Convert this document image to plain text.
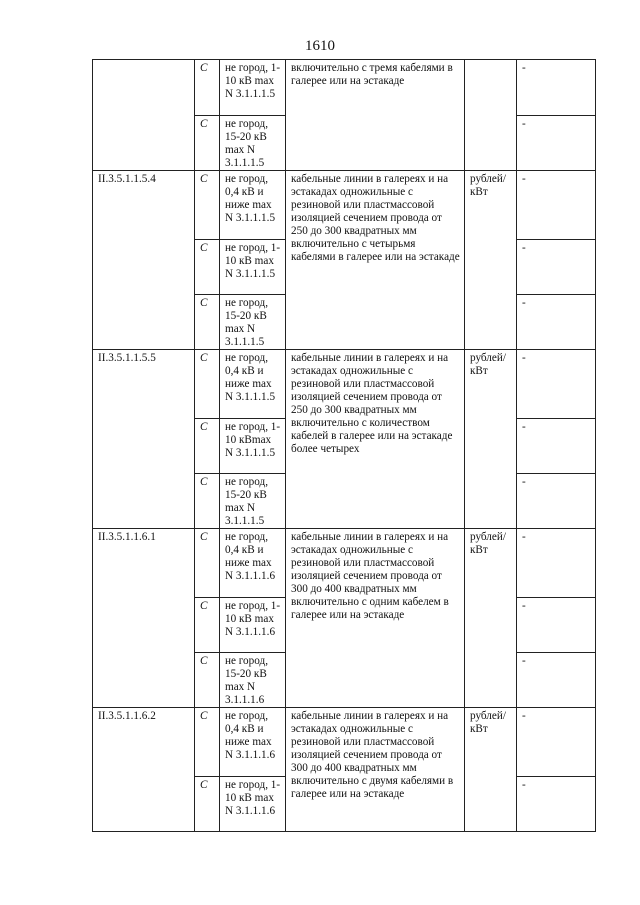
1610
	С	не город, 1-10 кВ max N 3.1.1.1.5	включительно с тремя кабелями в галерее или на эстакаде		-
	С	не город, 15-20 кВ max N 3.1.1.1.5			-
II.3.5.1.1.5.4	С	не город, 0,4 кВ и ниже max N 3.1.1.1.5	кабельные линии в галереях и на эстакадах одножильные с резиновой или пластмассовой изоляцией сечением провода от 250 до 300 квадратных мм включительно с четырьмя кабелями в галерее или на эстакаде	рублей/ кВт	-
	С	не город, 1-10 кВ max N 3.1.1.1.5			-
	С	не город, 15-20 кВ max N 3.1.1.1.5			-
II.3.5.1.1.5.5	С	не город, 0,4 кВ и ниже max N 3.1.1.1.5	кабельные линии в галереях и на эстакадах одножильные с резиновой или пластмассовой изоляцией сечением провода от 250 до 300 квадратных мм включительно с количеством кабелей в галерее или на эстакаде более четырех	рублей/ кВт	-
	С	не город, 1-10 кВmax N 3.1.1.1.5			-
	С	не город, 15-20 кВ max N 3.1.1.1.5			-
II.3.5.1.1.6.1	С	не город, 0,4 кВ и ниже max N 3.1.1.1.6	кабельные линии в галереях и на эстакадах одножильные с резиновой или пластмассовой изоляцией сечением провода от 300 до 400 квадратных мм включительно с одним кабелем в галерее или на эстакаде	рублей/ кВт	-
	С	не город, 1-10 кВ max N 3.1.1.1.6			-
	С	не город, 15-20 кВ max N 3.1.1.1.6			-
II.3.5.1.1.6.2	С	не город, 0,4 кВ и ниже max N 3.1.1.1.6	кабельные линии в галереях и на эстакадах одножильные с резиновой или пластмассовой изоляцией сечением провода от 300 до 400 квадратных мм включительно с двумя кабелями в галерее или на эстакаде	рублей/ кВт	-
	С	не город, 1-10 кВ max N 3.1.1.1.6			-
